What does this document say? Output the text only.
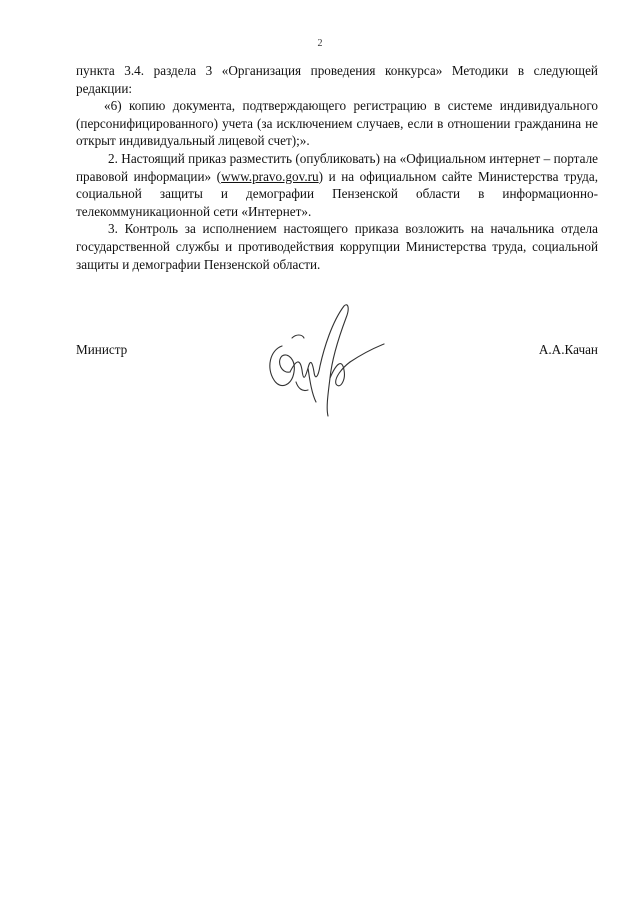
2

пункта 3.4. раздела 3 «Организация проведения конкурса» Методики в следующей редакции:

«6) копию документа, подтверждающего регистрацию в системе индивидуального (персонифицированного) учета (за исключением случаев, если в отношении гражданина не открыт индивидуальный лицевой счет);».

2. Настоящий приказ разместить (опубликовать) на «Официальном интернет – портале правовой информации» (www.pravo.gov.ru) и на официальном сайте Министерства труда, социальной защиты и демографии Пензенской области в информационно-телекоммуникационной сети «Интернет».

3. Контроль за исполнением настоящего приказа возложить на начальника отдела государственной службы и противодействия коррупции Министерства труда, социальной защиты и демографии Пензенской области.

Министр	А.А.Качан
